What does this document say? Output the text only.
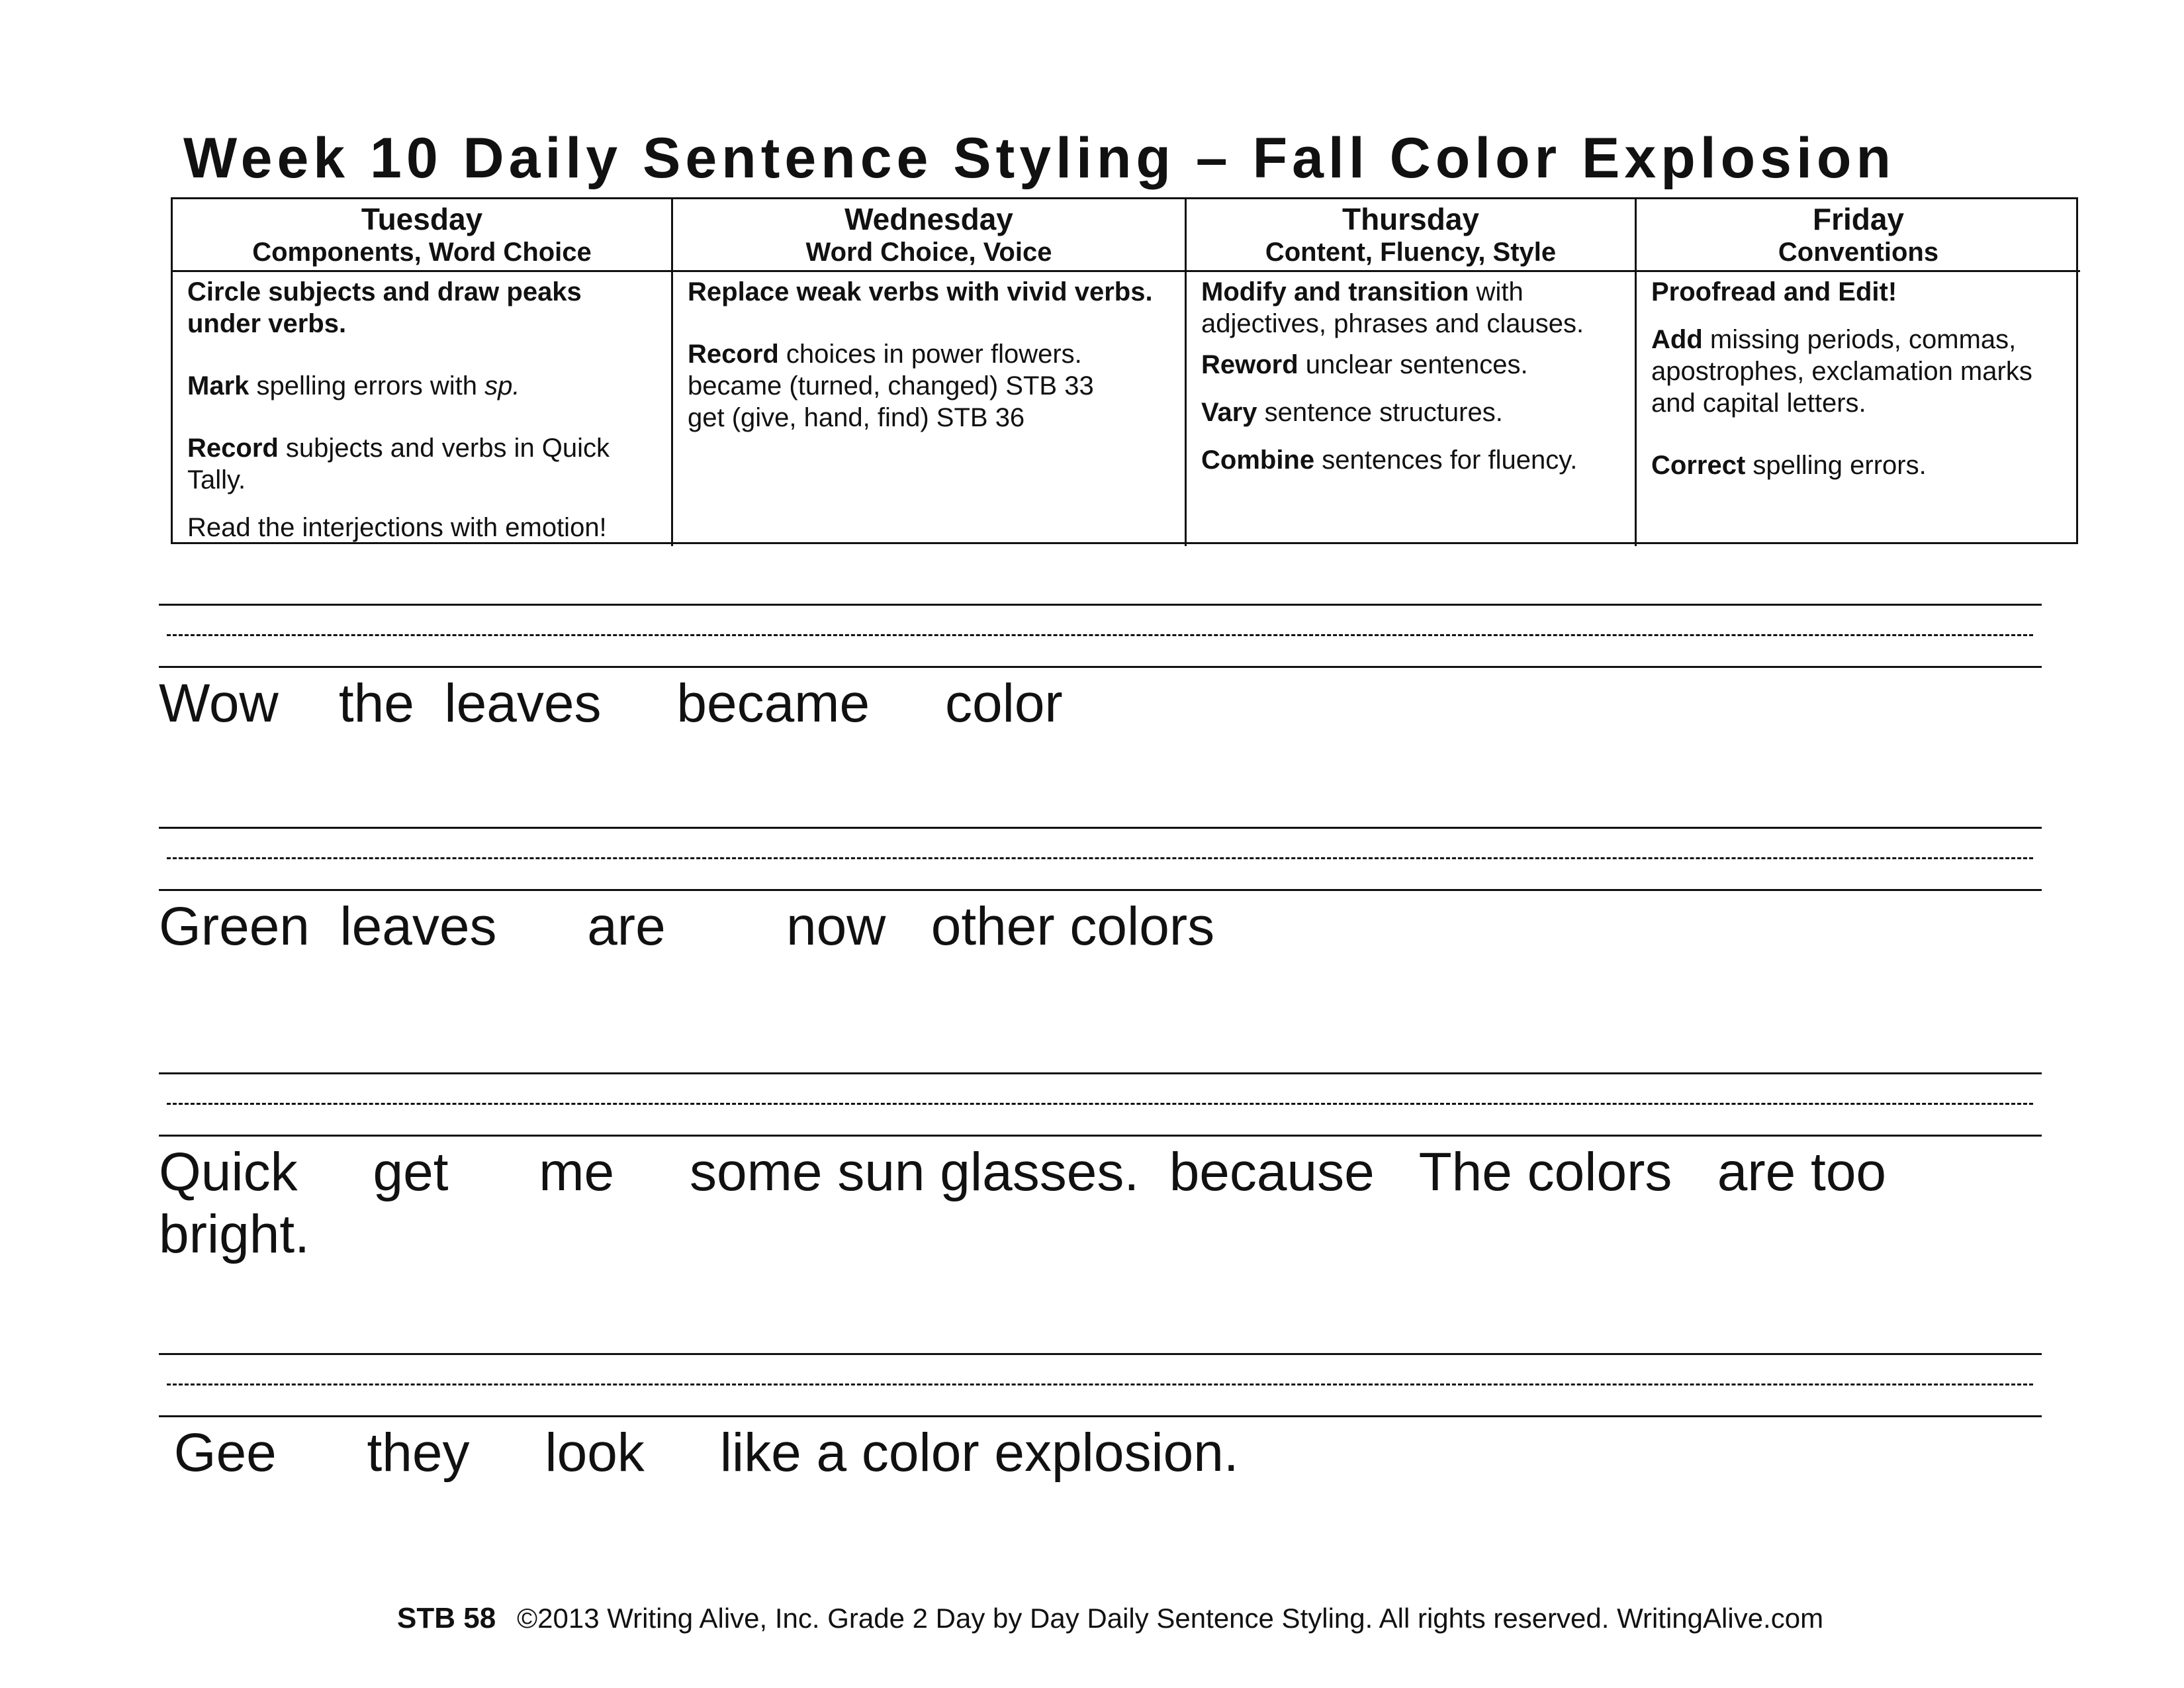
Week 10 Daily Sentence Styling – Fall Color Explosion
Tuesday
Components, Word Choice
Wednesday
Word Choice, Voice
Thursday
Content, Fluency, Style
Friday
Conventions

Circle subjects and draw peaks under verbs.

Mark spelling errors with sp.

Record subjects and verbs in Quick Tally.

Read the interjections with emotion!

Replace weak verbs with vivid verbs.

Record choices in power flowers.

became (turned, changed) STB 33

get (give, hand, find) STB 36

Modify and transition with adjectives, phrases and clauses.

Reword unclear sentences.

Vary sentence structures.

Combine sentences for fluency.

Proofread and Edit!

Add missing periods, commas, apostrophes, exclamation marks and capital letters.

Correct spelling errors.

Wow    the  leaves     became     color
Green  leaves      are        now   other colors
Quick     get      me     some sun glasses.  because   The colors   are too
bright.
Gee      they     look     like a color explosion.
STB 58 ©2013 Writing Alive, Inc. Grade 2 Day by Day Daily Sentence Styling. All rights reserved. WritingAlive.com
